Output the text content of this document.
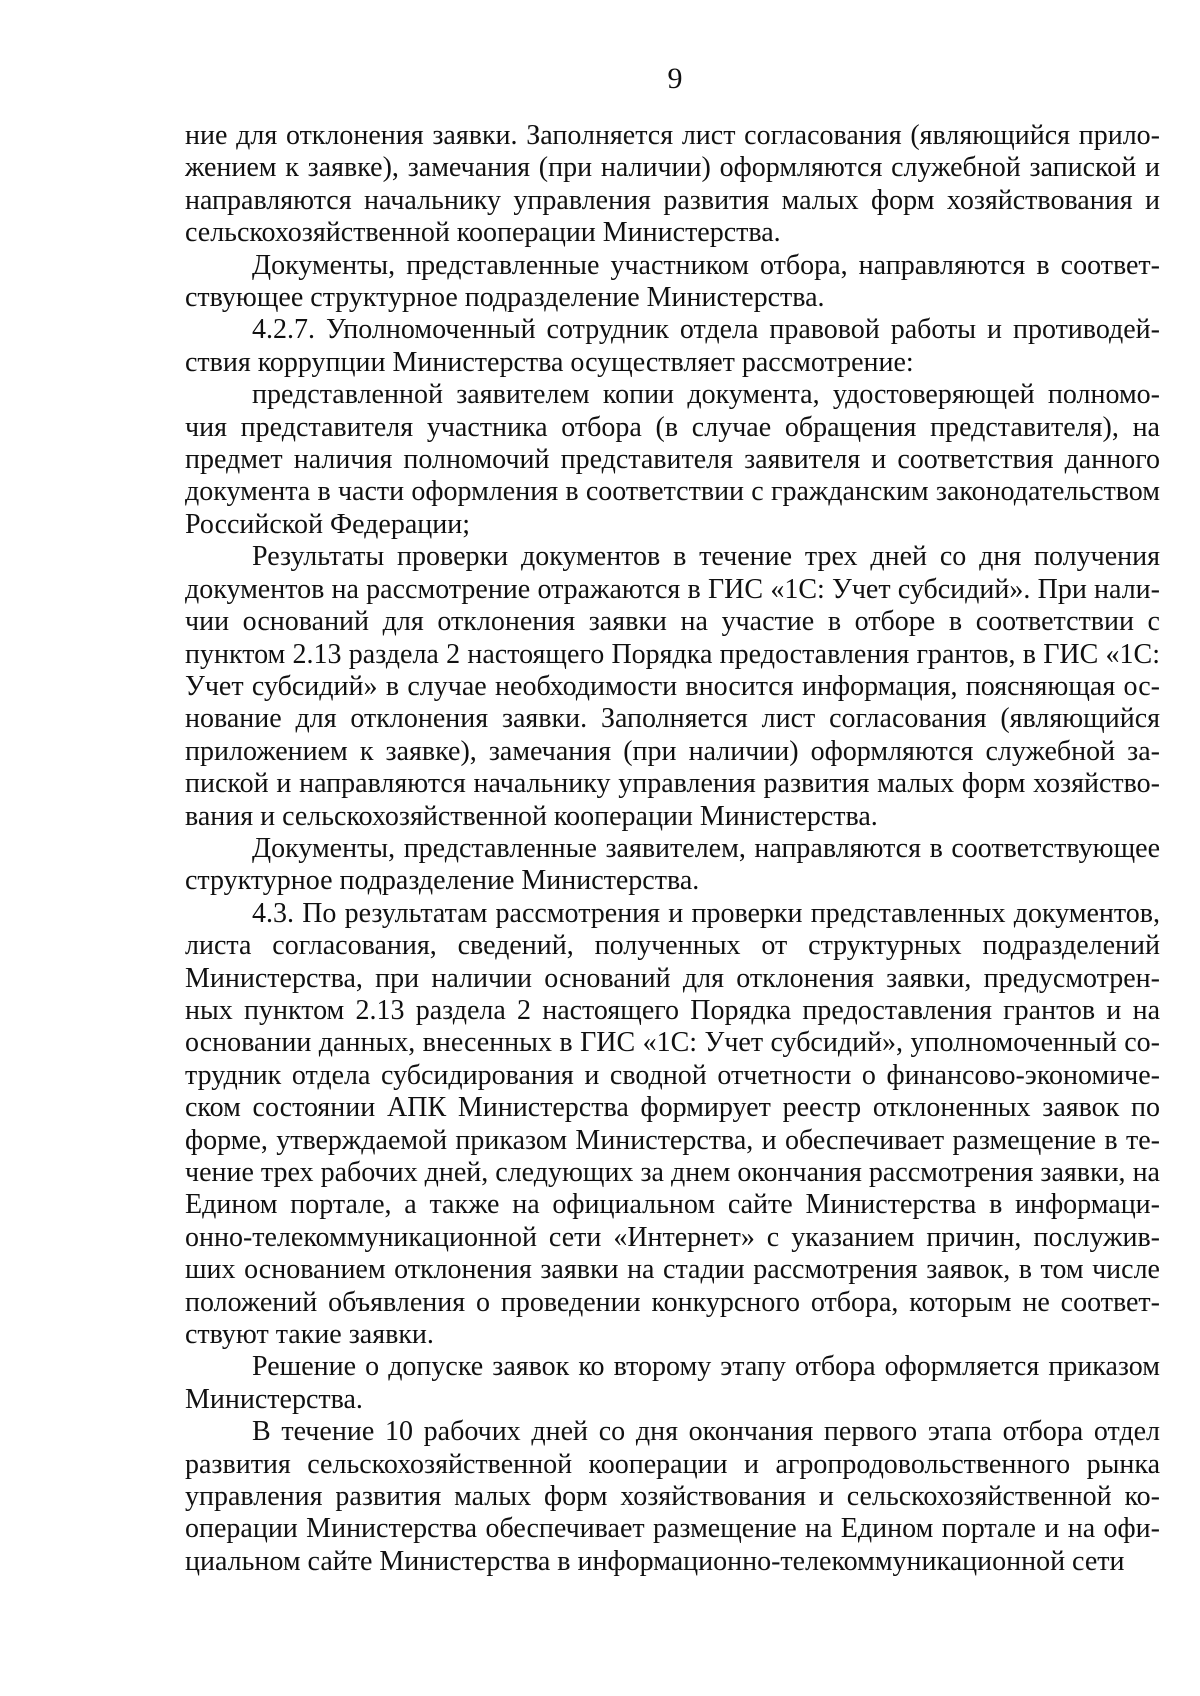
9

ние для отклонения заявки. Заполняется лист согласования (являющийся приложением к заявке), замечания (при наличии) оформляются служебной запиской и направляются начальнику управления развития малых форм хозяйствования и сельскохозяйственной кооперации Министерства.

Документы, представленные участником отбора, направляются в соответствующее структурное подразделение Министерства.

4.2.7. Уполномоченный сотрудник отдела правовой работы и противодействия коррупции Министерства осуществляет рассмотрение:

представленной заявителем копии документа, удостоверяющей полномочия представителя участника отбора (в случае обращения представителя), на предмет наличия полномочий представителя заявителя и соответствия данного документа в части оформления в соответствии с гражданским законодательством Российской Федерации;

Результаты проверки документов в течение трех дней со дня получения документов на рассмотрение отражаются в ГИС «1С: Учет субсидий». При наличии оснований для отклонения заявки на участие в отборе в соответствии с пунктом 2.13 раздела 2 настоящего Порядка предоставления грантов, в ГИС «1С: Учет субсидий» в случае необходимости вносится информация, поясняющая основание для отклонения заявки. Заполняется лист согласования (являющийся приложением к заявке), замечания (при наличии) оформляются служебной запиской и направляются начальнику управления развития малых форм хозяйствования и сельскохозяйственной кооперации Министерства.

Документы, представленные заявителем, направляются в соответствующее структурное подразделение Министерства.

4.3. По результатам рассмотрения и проверки представленных документов, листа согласования, сведений, полученных от структурных подразделений Министерства, при наличии оснований для отклонения заявки, предусмотренных пунктом 2.13 раздела 2 настоящего Порядка предоставления грантов и на основании данных, внесенных в ГИС «1С: Учет субсидий», уполномоченный сотрудник отдела субсидирования и сводной отчетности о финансово-экономическом состоянии АПК Министерства формирует реестр отклоненных заявок по форме, утверждаемой приказом Министерства, и обеспечивает размещение в течение трех рабочих дней, следующих за днем окончания рассмотрения заявки, на Едином портале, а также на официальном сайте Министерства в информационно-телекоммуникационной сети «Интернет» с указанием причин, послуживших основанием отклонения заявки на стадии рассмотрения заявок, в том числе положений объявления о проведении конкурсного отбора, которым не соответствуют такие заявки.

Решение о допуске заявок ко второму этапу отбора оформляется приказом Министерства.

В течение 10 рабочих дней со дня окончания первого этапа отбора отдел развития сельскохозяйственной кооперации и агропродовольственного рынка управления развития малых форм хозяйствования и сельскохозяйственной кооперации Министерства обеспечивает размещение на Едином портале и на официальном сайте Министерства в информационно-телекоммуникационной сети
